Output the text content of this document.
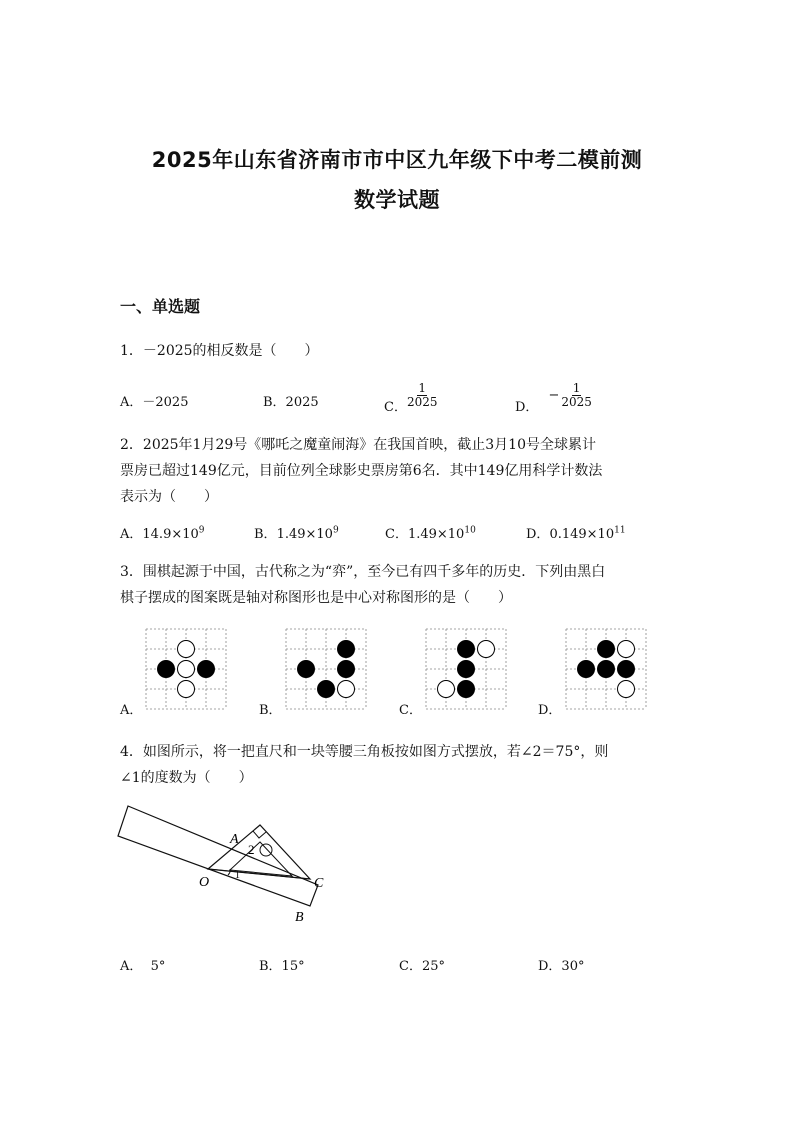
2025年山东省济南市市中区九年级下中考二模前测
数学试题
一、单选题
1．－2025的相反数是（　　）
A．－2025	B．2025	C． $\frac{1}{2025}$	D．− $\frac{1}{2025}$
2．2025年1月29号《哪吒之魔童闹海》在我国首映，截止3月10号全球累计
票房已超过149亿元，目前位列全球影史票房第6名．其中149亿用科学计数法
表示为（　　）
A．$14.9\times 10^9$	B．$1.49\times 10^9$	C．$1.49\times 10^{10}$	D．$0.149\times 10^{11}$
3．围棋起源于中国，古代称之为“弈”，至今已有四千多年的历史．下列由黑白
棋子摆成的图案既是轴对称图形也是中心对称图形的是（　　）
A．	B．	C．	D．
4．如图所示，将一把直尺和一块等腰三角板按如图方式摆放，若∠2＝75°，则
∠1的度数为（　　）
A
2
1
O	C
B
A．  5°	B．15°	C．25°	D．30°
